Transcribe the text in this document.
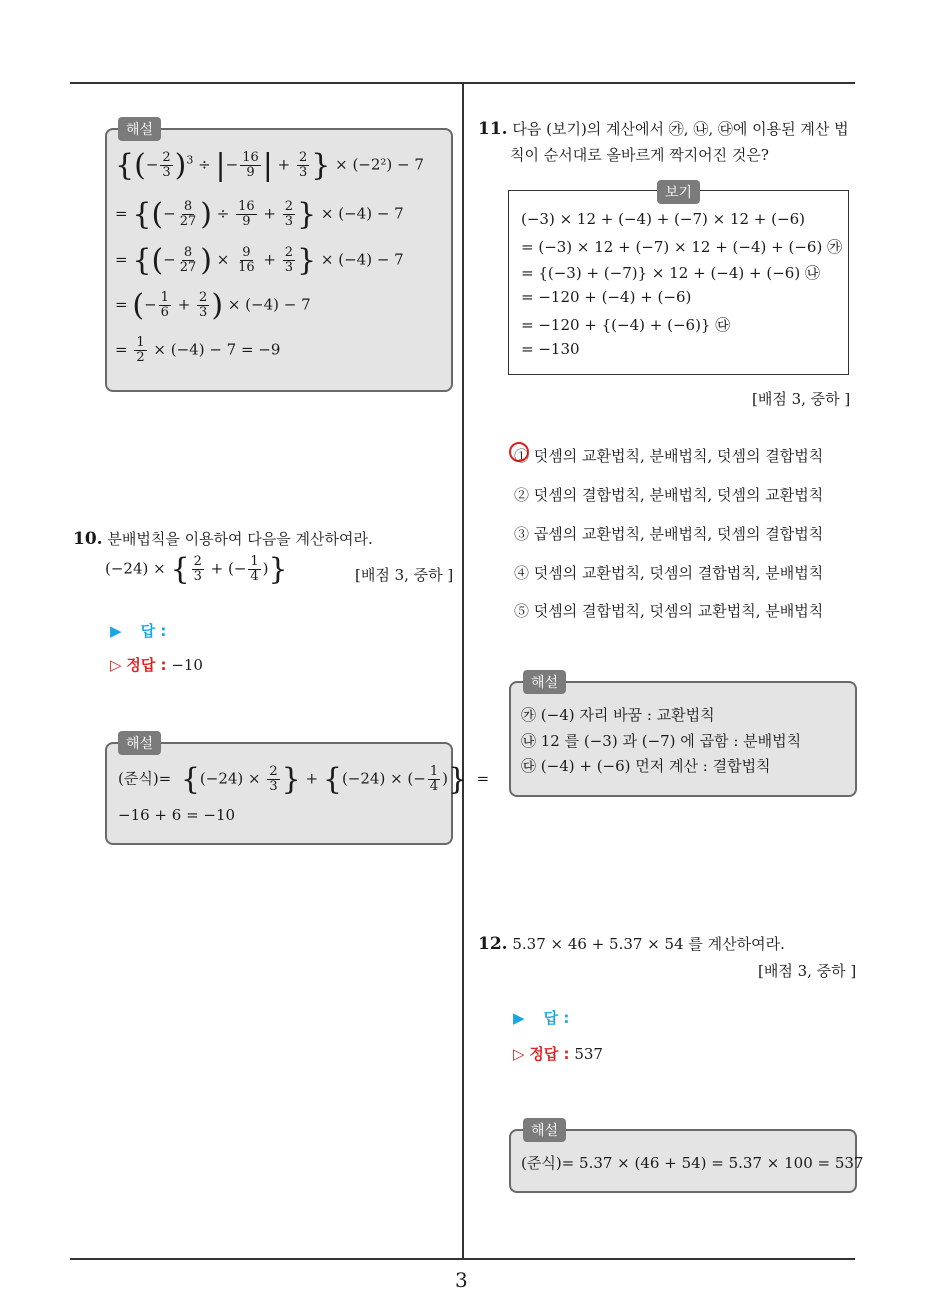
해설
{(− $\frac{2}{3} )^3$ ÷ |− $\frac{16}{9}$ | + $\frac{2}{3}$ } × (−2²) − 7
= {(− $\frac{8}{27}$ ) ÷ $\frac{16}{9} + \frac{2}{3}$ } × (−4) − 7
= {(− $\frac{8}{27}$ ) × $\frac{9}{16} + \frac{2}{3}$ } × (−4) − 7
= (− $\frac{1}{6} + \frac{2}{3}$ ) × (−4) − 7
= $\frac{1}{2} \times (-4) - 7 = -9$
10. 분배법칙을 이용하여 다음을 계산하여라.
(−24) × { $\frac{2}{3}$ + (− $\frac{1}{4}$ )}	[배점 3, 중하 ]
▶ 답 :
▷ 정답 : −10
해설
(준식)= {$(-24) \times \frac{2}{3}$ } + {(−24) × (− $\frac{1}{4}$ )}  =
−16 + 6 = −10
11. 다음 (보기)의 계산에서 ㉮, ㉯, ㉰에 이용된 계산 법
칙이 순서대로 올바르게 짝지어진 것은?
보기
(−3) × 12 + (−4) + (−7) × 12 + (−6)
= (−3) × 12 + (−7) × 12 + (−4) + (−6) ㉮
= {(−3) + (−7)} × 12 + (−4) + (−6) ㉯
= −120 + (−4) + (−6)
= −120 + {(−4) + (−6)} ㉰
= −130
[배점 3, 중하 ]
① 덧셈의 교환법칙, 분배법칙, 덧셈의 결합법칙
② 덧셈의 결합법칙, 분배법칙, 덧셈의 교환법칙
③ 곱셈의 교환법칙, 분배법칙, 덧셈의 결합법칙
④ 덧셈의 교환법칙, 덧셈의 결합법칙, 분배법칙
⑤ 덧셈의 결합법칙, 덧셈의 교환법칙, 분배법칙
해설
㉮ (−4) 자리 바꿈 : 교환법칙
㉯ 12 를 (−3) 과 (−7) 에 곱함 : 분배법칙
㉰ (−4) + (−6) 먼저 계산 : 결합법칙
12. 5.37 × 46 + 5.37 × 54 를 계산하여라.
[배점 3, 중하 ]
▶ 답 :
▷ 정답 : 537
해설
(준식)= 5.37 × (46 + 54) = 5.37 × 100 = 537
3
